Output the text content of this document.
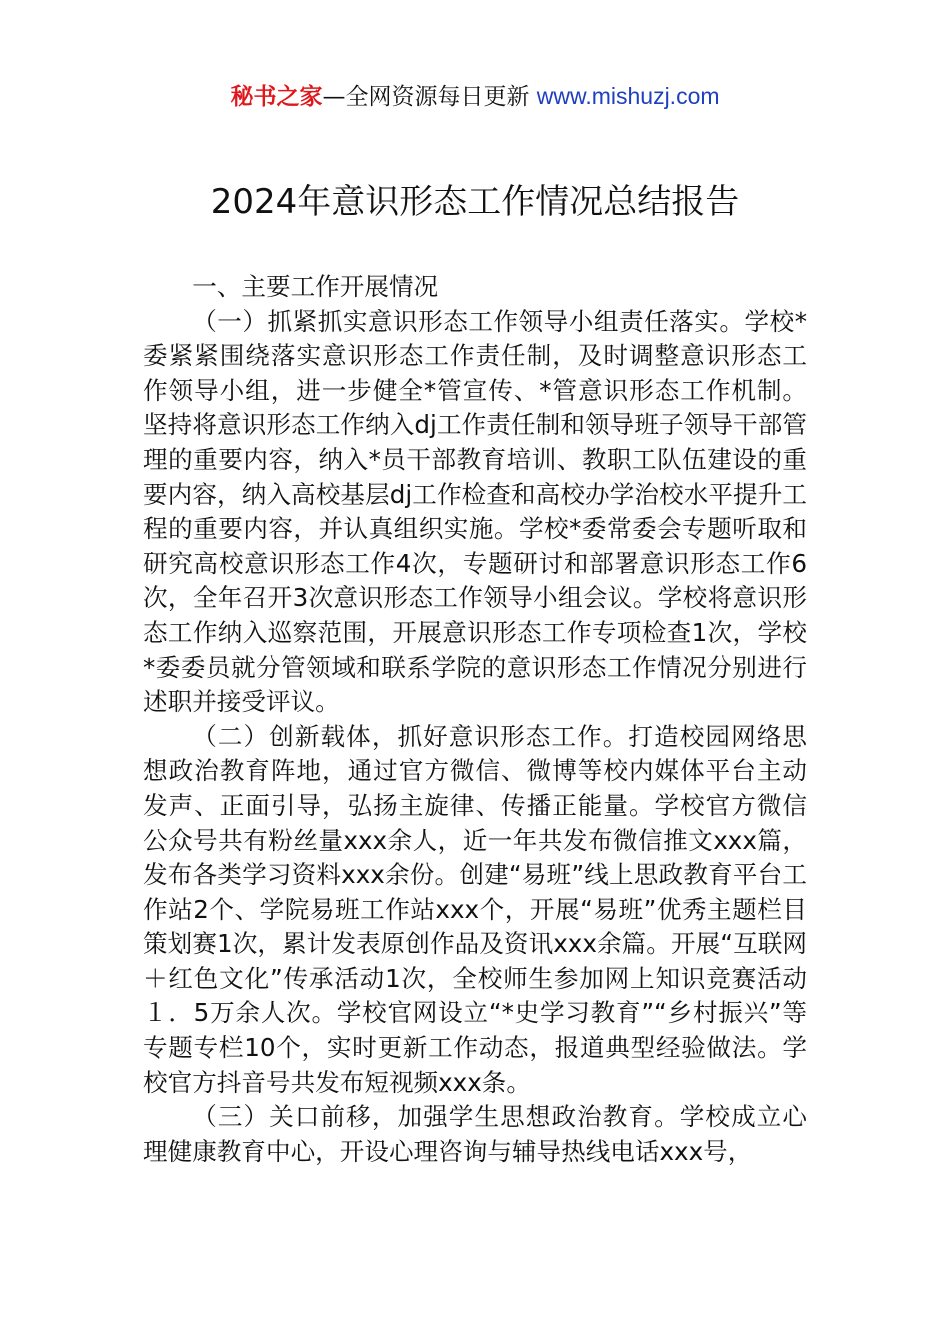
秘书之家—全网资源每日更新 www.mishuzj.com
2024年意识形态工作情况总结报告

一、主要工作开展情况

（一）抓紧抓实意识形态工作领导小组责任落实。学校*委紧紧围绕落实意识形态工作责任制，及时调整意识形态工作领导小组，进一步健全*管宣传、*管意识形态工作机制。坚持将意识形态工作纳入dj工作责任制和领导班子领导干部管理的重要内容，纳入*员干部教育培训、教职工队伍建设的重要内容，纳入高校基层dj工作检查和高校办学治校水平提升工程的重要内容，并认真组织实施。学校*委常委会专题听取和研究高校意识形态工作4次，专题研讨和部署意识形态工作6次，全年召开3次意识形态工作领导小组会议。学校将意识形态工作纳入巡察范围，开展意识形态工作专项检查1次，学校*委委员就分管领域和联系学院的意识形态工作情况分别进行述职并接受评议。

（二）创新载体，抓好意识形态工作。打造校园网络思想政治教育阵地，通过官方微信、微博等校内媒体平台主动发声、正面引导，弘扬主旋律、传播正能量。学校官方微信公众号共有粉丝量xxx余人，近一年共发布微信推文xxx篇，发布各类学习资料xxx余份。创建“易班”线上思政教育平台工作站2个、学院易班工作站xxx个，开展“易班”优秀主题栏目策划赛1次，累计发表原创作品及资讯xxx余篇。开展“互联网＋红色文化”传承活动1次，全校师生参加网上知识竞赛活动１．5万余人次。学校官网设立“*史学习教育”“乡村振兴”等专题专栏10个，实时更新工作动态，报道典型经验做法。学校官方抖音号共发布短视频xxx条。

（三）关口前移，加强学生思想政治教育。学校成立心理健康教育中心，开设心理咨询与辅导热线电话xxx号，
